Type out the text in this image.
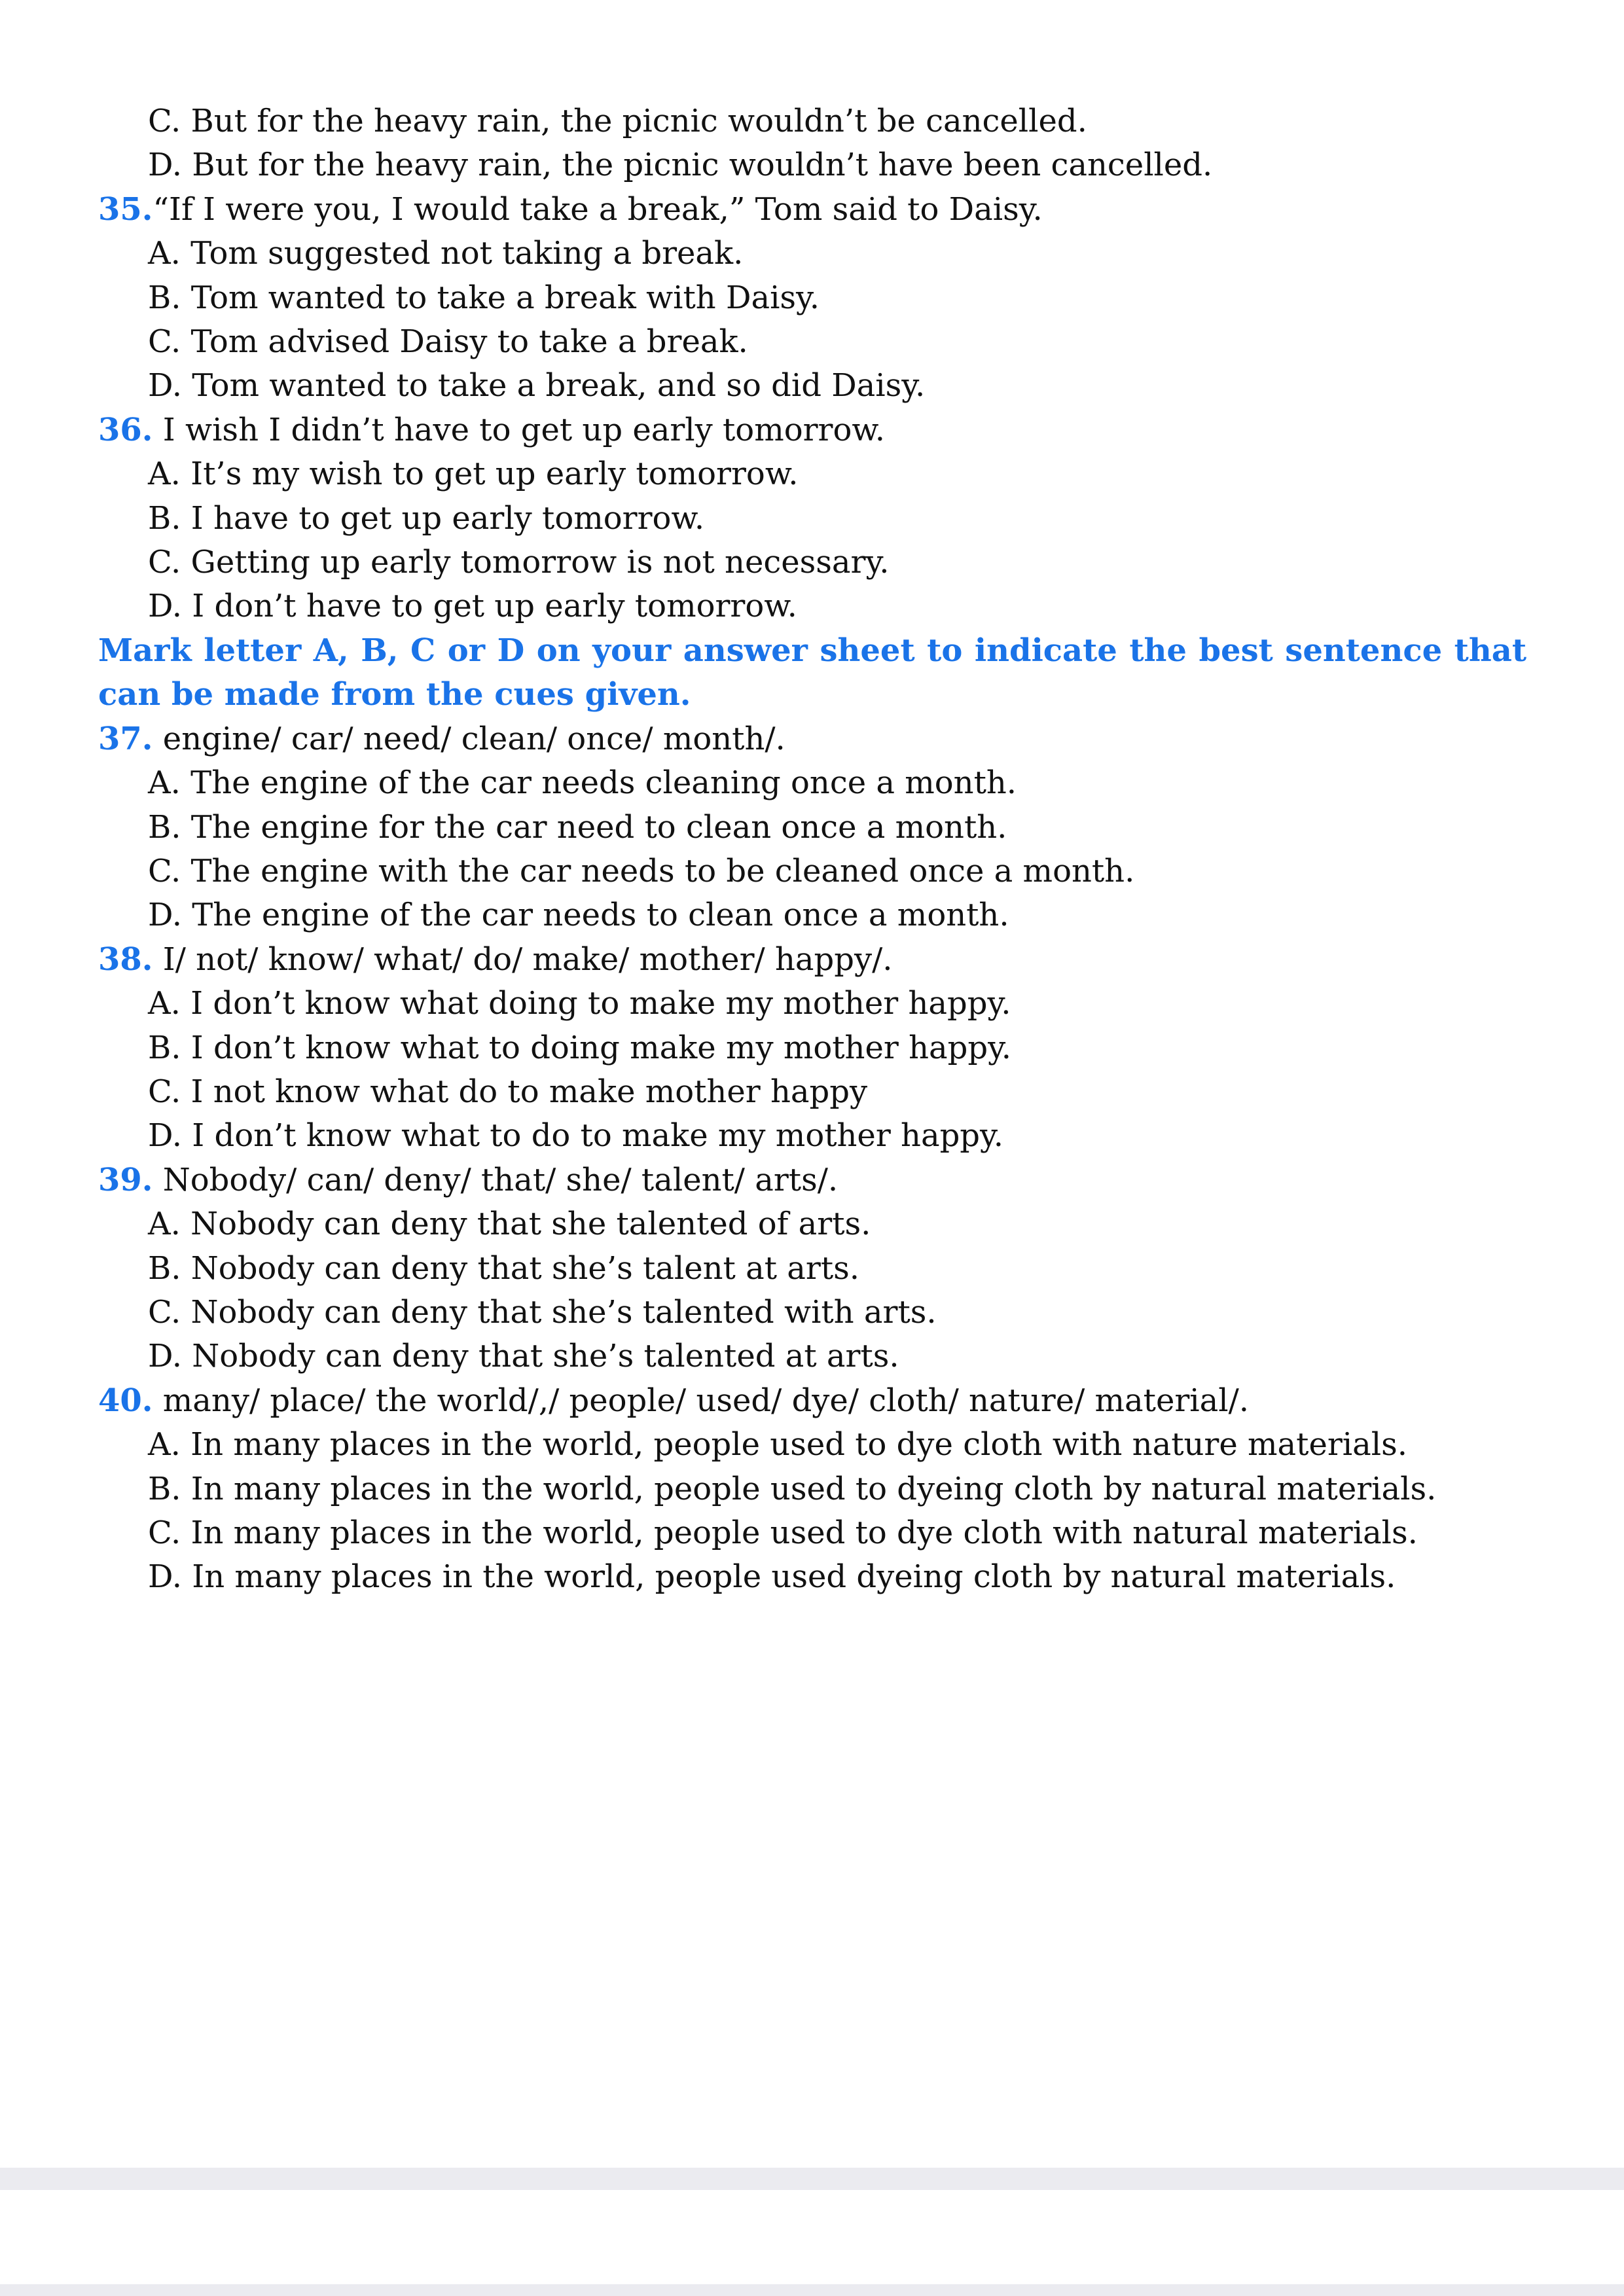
C. But for the heavy rain, the picnic wouldn’t be cancelled.

D. But for the heavy rain, the picnic wouldn’t have been cancelled.

35.“If I were you, I would take a break,” Tom said to Daisy.

A. Tom suggested not taking a break.

B. Tom wanted to take a break with Daisy.

C. Tom advised Daisy to take a break.

D. Tom wanted to take a break, and so did Daisy.

36. I wish I didn’t have to get up early tomorrow.

A. It’s my wish to get up early tomorrow.

B. I have to get up early tomorrow.

C. Getting up early tomorrow is not necessary.

D. I don’t have to get up early tomorrow.

Mark letter A, B, C or D on your answer sheet to indicate the best sentence that can be made from the cues given.

37. engine/ car/ need/ clean/ once/ month/.

A. The engine of the car needs cleaning once a month.

B. The engine for the car need to clean once a month.

C. The engine with the car needs to be cleaned once a month.

D. The engine of the car needs to clean once a month.

38. I/ not/ know/ what/ do/ make/ mother/ happy/.

A. I don’t know what doing to make my mother happy.

B. I don’t know what to doing make my mother happy.

C. I not know what do to make mother happy

D. I don’t know what to do to make my mother happy.

39. Nobody/ can/ deny/ that/ she/ talent/ arts/.

A. Nobody can deny that she talented of arts.

B. Nobody can deny that she’s talent at arts.

C. Nobody can deny that she’s talented with arts.

D. Nobody can deny that she’s talented at arts.

40. many/ place/ the world/,/ people/ used/ dye/ cloth/ nature/ material/.

A. In many places in the world, people used to dye cloth with nature materials.

B. In many places in the world, people used to dyeing cloth by natural materials.

C. In many places in the world, people used to dye cloth with natural materials.

D. In many places in the world, people used dyeing cloth by natural materials.
